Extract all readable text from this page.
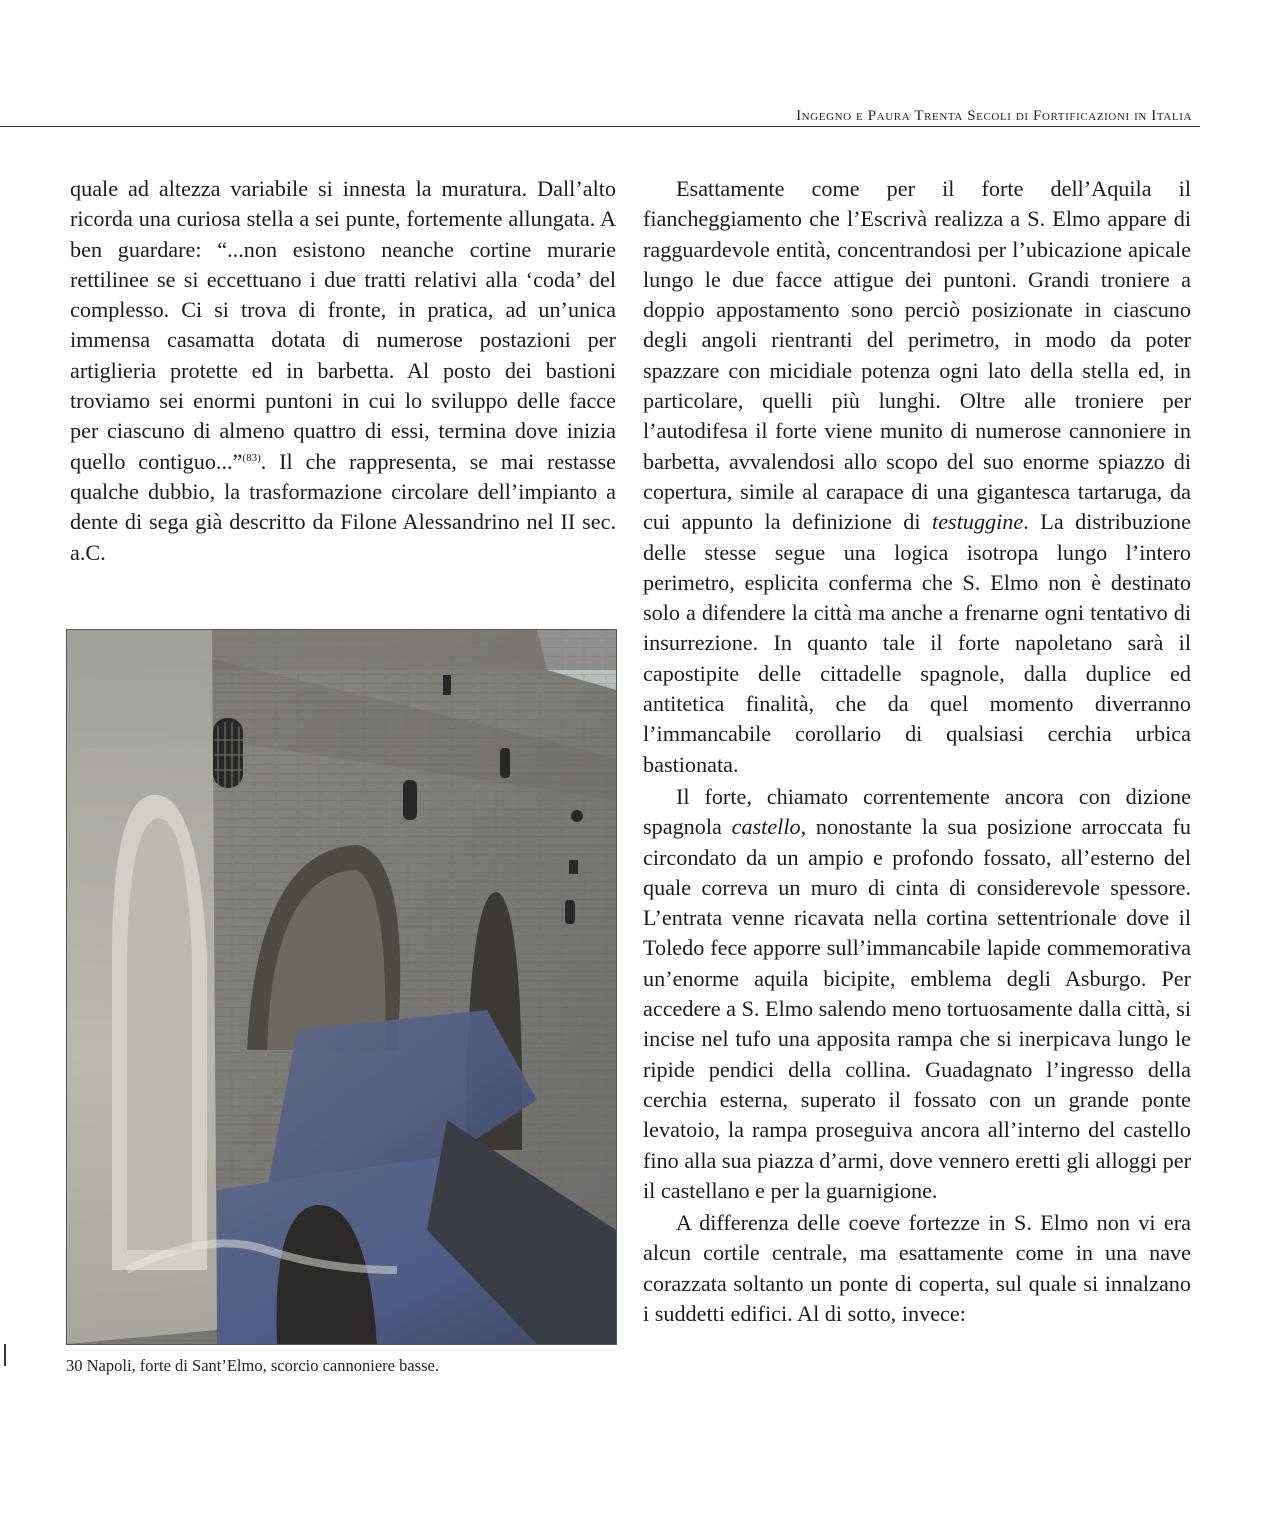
Ingegno e Paura Trenta Secoli di Fortificazioni in Italia

quale ad altezza variabile si innesta la muratura. Dall’alto ricorda una curiosa stella a sei punte, fortemente allungata. A ben guardare: “...non esistono neanche cortine murarie rettilinee se si eccettuano i due tratti relativi alla ‘coda’ del complesso. Ci si trova di fronte, in pratica, ad un’unica immensa casamatta dotata di numerose postazioni per artiglieria protette ed in barbetta. Al posto dei bastioni troviamo sei enormi puntoni in cui lo sviluppo delle facce per ciascuno di almeno quattro di essi, termina dove inizia quello contiguo...”$^{(83)}$. Il che rappresenta, se mai restasse qualche dubbio, la trasformazione circolare dell’impianto a dente di sega già descritto da Filone Alessandrino nel II sec. a.C.

30 Napoli, forte di Sant’Elmo, scorcio cannoniere basse.

Esattamente come per il forte dell’Aquila il fiancheggiamento che l’Escrivà realizza a S. Elmo appare di ragguardevole entità, concentrandosi per l’ubicazione apicale lungo le due facce attigue dei puntoni. Grandi troniere a doppio appostamento sono perciò posizionate in ciascuno degli angoli rientranti del perimetro, in modo da poter spazzare con micidiale potenza ogni lato della stella ed, in particolare, quelli più lunghi. Oltre alle troniere per l’autodifesa il forte viene munito di numerose cannoniere in barbetta, avvalendosi allo scopo del suo enorme spiazzo di copertura, simile al carapace di una gigantesca tartaruga, da cui appunto la definizione di testuggine. La distribuzione delle stesse segue una logica isotropa lungo l’intero perimetro, esplicita conferma che S. Elmo non è destinato solo a difendere la città ma anche a frenarne ogni tentativo di insurrezione. In quanto tale il forte napoletano sarà il capostipite delle cittadelle spagnole, dalla duplice ed antitetica finalità, che da quel momento diverranno l’immancabile corollario di qualsiasi cerchia urbica bastionata.

Il forte, chiamato correntemente ancora con dizione spagnola castello, nonostante la sua posizione arroccata fu circondato da un ampio e profondo fossato, all’esterno del quale correva un muro di cinta di considerevole spessore. L’entrata venne ricavata nella cortina settentrionale dove il Toledo fece apporre sull’immancabile lapide commemorativa un’enorme aquila bicipite, emblema degli Asburgo. Per accedere a S. Elmo salendo meno tortuosamente dalla città, si incise nel tufo una apposita rampa che si inerpicava lungo le ripide pendici della collina. Guadagnato l’ingresso della cerchia esterna, superato il fossato con un grande ponte levatoio, la rampa proseguiva ancora all’interno del castello fino alla sua piazza d’armi, dove vennero eretti gli alloggi per il castellano e per la guarnigione.

A differenza delle coeve fortezze in S. Elmo non vi era alcun cortile centrale, ma esattamente come in una nave corazzata soltanto un ponte di coperta, sul quale si innalzano i suddetti edifici. Al di sotto, invece:
